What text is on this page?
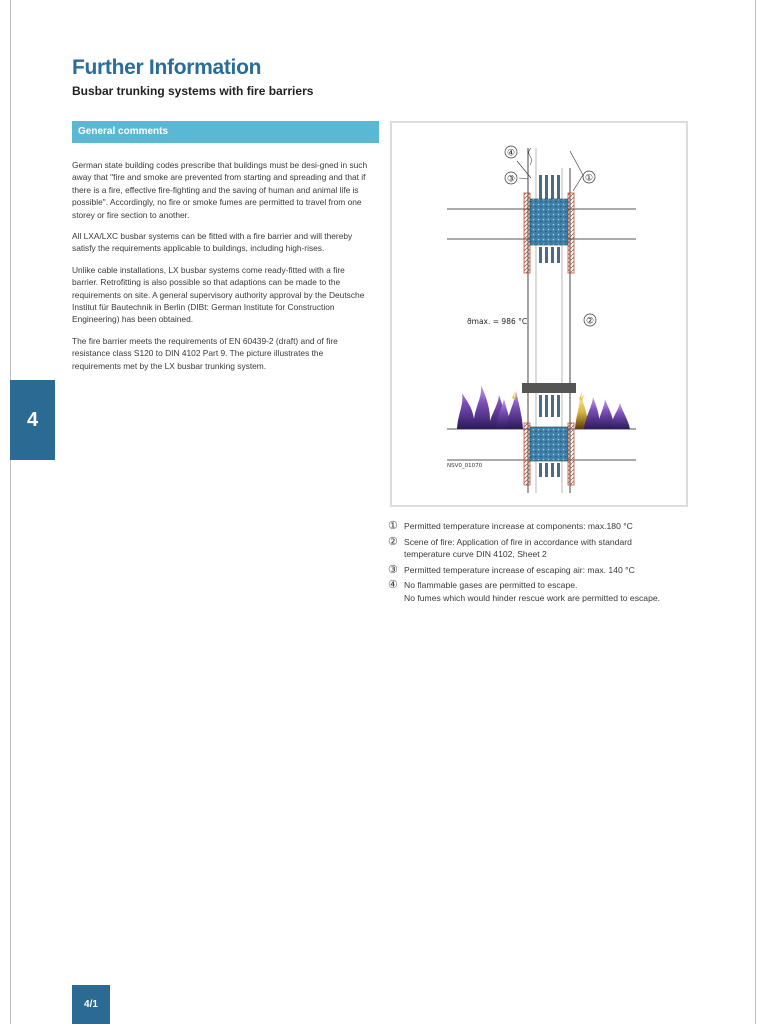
Further Information
Busbar trunking systems with fire barriers
General comments

German state building codes prescribe that buildings must be desi-gned in such away that "fire and smoke are prevented from starting and spreading and that if there is a fire, effective fire-fighting and the saving of human and animal life is possible". Accordingly, no fire or smoke fumes are permitted to travel from one storey or fire section to another.

All LXA/LXC busbar systems can be fitted with a fire barrier and will thereby satisfy the requirements applicable to buildings, including high-rises.

Unlike cable installations, LX busbar systems come ready-fitted with a fire barrier. Retrofitting is also possible so that adaptions can be made to the requirements on site. A general supervisory authority approval by the Deutsche Institut für Bautechnik in Berlin (DIBt: German Institute for Construction Engineering) has been obtained.

The fire barrier meets the requirements of EN 60439-2 (draft) and of fire resistance class S120 to DIN 4102 Part 9. The picture illustrates the requirements met by the LX busbar trunking system.

4
④
③	①
②
ϑmax. = 986 °C
NSV0_01070
① Permitted temperature increase at components: max.180 °C
② Scene of fire: Application of fire in accordance with standard
temperature curve DIN 4102, Sheet 2
③ Permitted temperature increase of escaping air: max. 140 °C
④ No flammable gases are permitted to escape.
No fumes which would hinder rescue work are permitted to escape.
4/1
